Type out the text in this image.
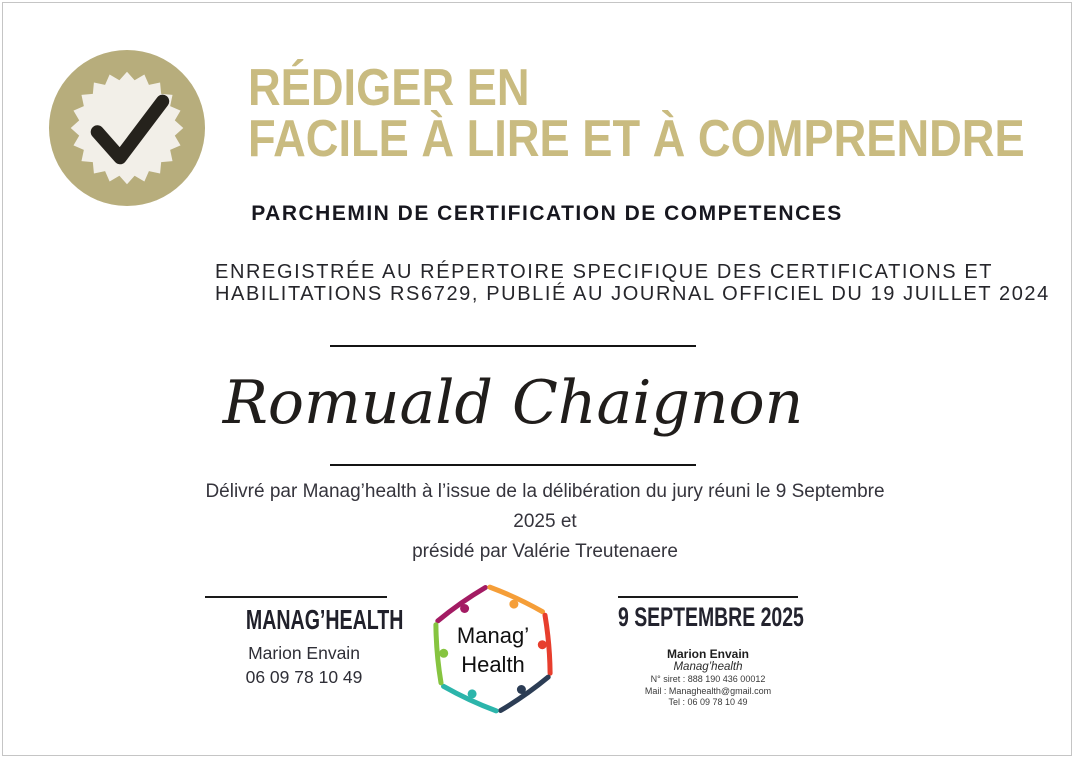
RÉDIGER EN
FACILE À LIRE ET À COMPRENDRE
PARCHEMIN DE CERTIFICATION DE COMPETENCES
ENREGISTRÉE AU RÉPERTOIRE SPECIFIQUE DES CERTIFICATIONS ET
HABILITATIONS RS6729, PUBLIÉ AU JOURNAL OFFICIEL DU 19 JUILLET 2024
Romuald Chaignon
Délivré par Manag’health à l’issue de la délibération du jury réuni le 9 Septembre 2025 et
présidé par Valérie Treutenaere
MANAG’HEALTH
Marion Envain
06 09 78 10 49
Manag’
Health
9 SEPTEMBRE 2025
Marion Envain
Manag’health
N° siret : 888 190 436 00012
Mail : Managhealth@gmail.com
Tel : 06 09 78 10 49
